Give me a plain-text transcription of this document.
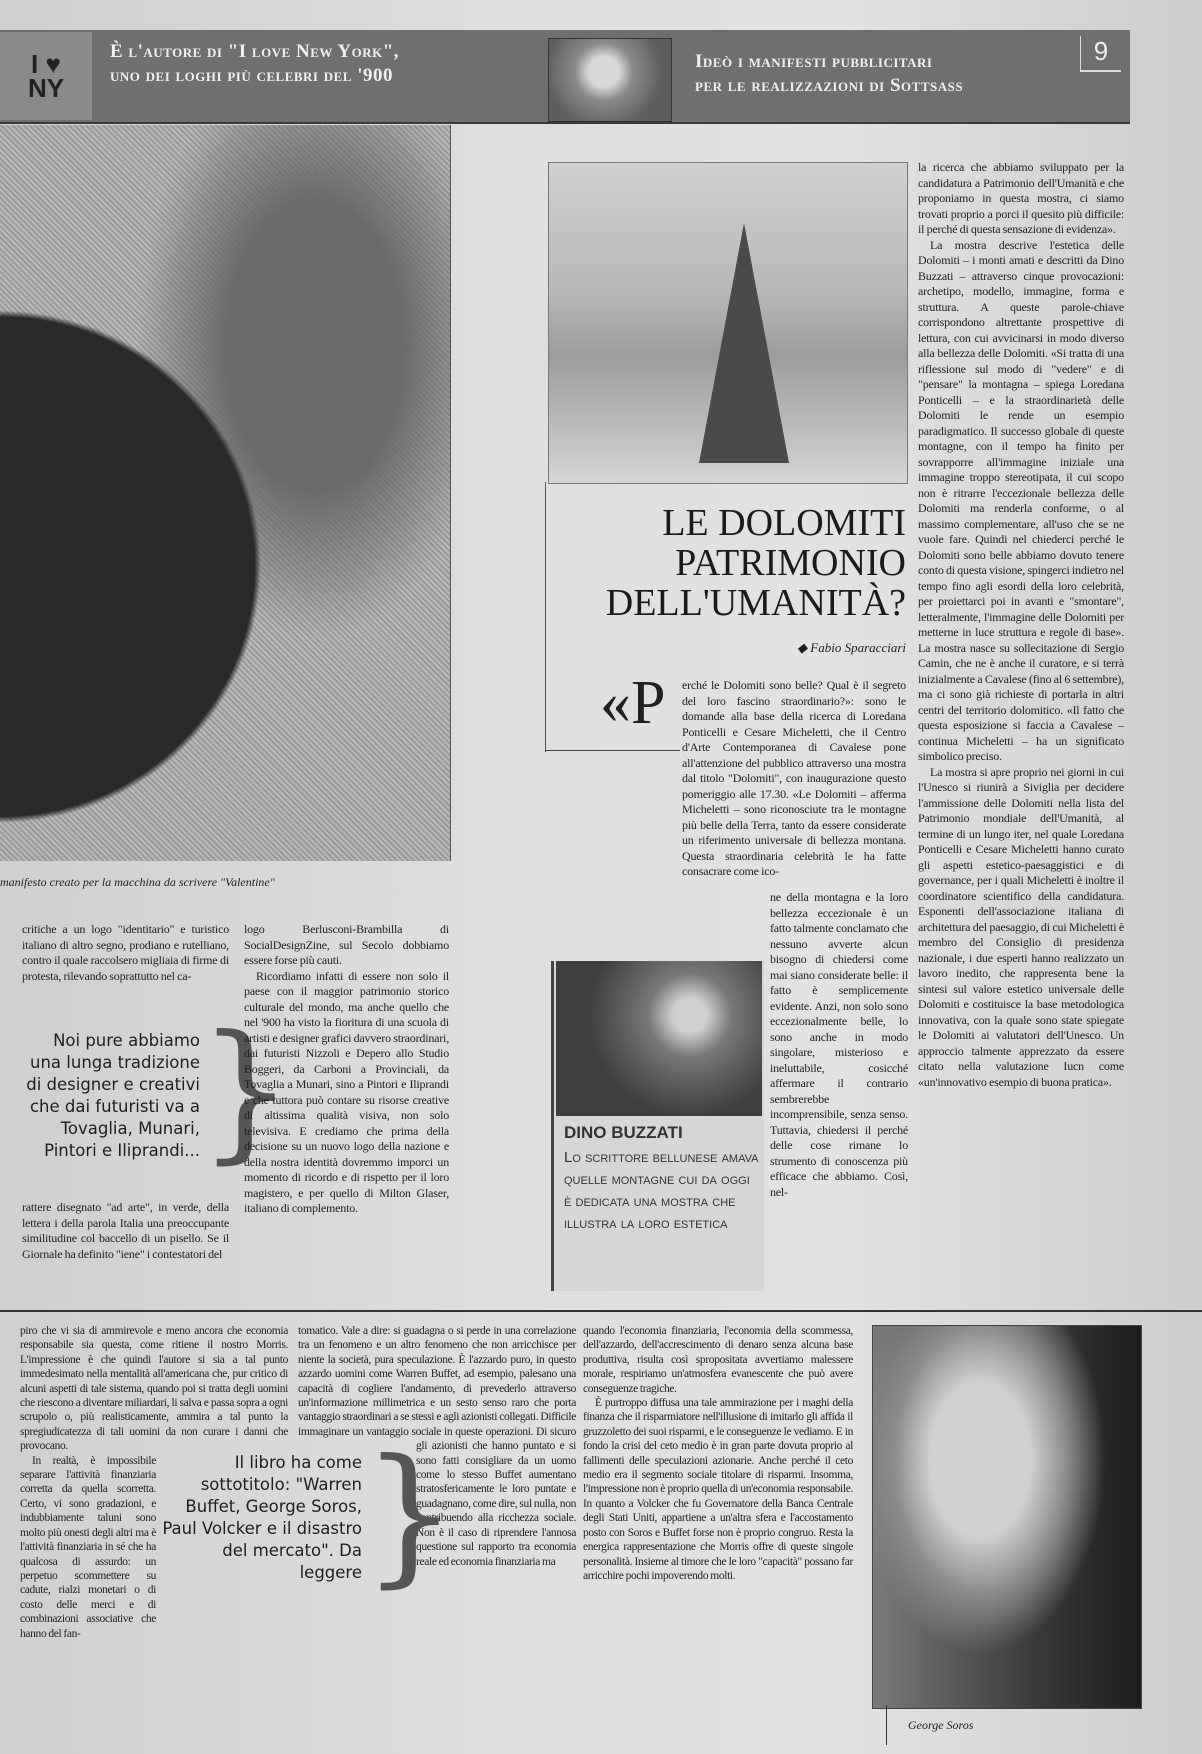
I ♥
NY
È l'autore di "I love New York",
uno dei loghi più celebri del '900
Ideò i manifesti pubblicitari
per le realizzazioni di Sottsass
9
manifesto creato per la macchina da scrivere "Valentine"
LE DOLOMITI
PATRIMONIO
DELL'UMANITÀ?
◆ Fabio Sparacciari
«P erché le Dolomiti sono belle? Qual è il segreto del loro fascino straordinario?»: sono le domande alla base della ricerca di Loredana Ponticelli e Cesare Micheletti, che il Centro d'Arte Contemporanea di Cavalese pone all'attenzione del pubblico attraverso una mostra dal titolo "Dolomiti", con inaugurazione questo pomeriggio alle 17.30. «Le Dolomiti – afferma Micheletti – sono riconosciute tra le montagne più belle della Terra, tanto da essere considerate un riferimento universale di bellezza montana. Questa straordinaria celebrità le ha fatte consacrare come ico-

ne della montagna e la loro bellezza eccezionale è un fatto talmente conclamato che nessuno avverte alcun bisogno di chiedersi come mai siano considerate belle: il fatto è semplicemente evidente. Anzi, non solo sono eccezionalmente belle, lo sono anche in modo singolare, misterioso e ineluttabile, cosicché affermare il contrario sembrerebbe incomprensibile, senza senso. Tuttavia, chiedersi il perché delle cose rimane lo strumento di conoscenza più efficace che abbiamo. Così, nel-

la ricerca che abbiamo sviluppato per la candidatura a Patrimonio dell'Umanità e che proponiamo in questa mostra, ci siamo trovati proprio a porci il quesito più difficile: il perché di questa sensazione di evidenza».

La mostra descrive l'estetica delle Dolomiti – i monti amati e descritti da Dino Buzzati – attraverso cinque provocazioni: archetipo, modello, immagine, forma e struttura. A queste parole-chiave corrispondono altrettante prospettive di lettura, con cui avvicinarsi in modo diverso alla bellezza delle Dolomiti. «Si tratta di una riflessione sul modo di "vedere" e di "pensare" la montagna – spiega Loredana Ponticelli – e la straordinarietà delle Dolomiti le rende un esempio paradigmatico. Il successo globale di queste montagne, con il tempo ha finito per sovrapporre all'immagine iniziale una immagine troppo stereotipata, il cui scopo non è ritrarre l'eccezionale bellezza delle Dolomiti ma renderla conforme, o al massimo complementare, all'uso che se ne vuole fare. Quindi nel chiederci perché le Dolomiti sono belle abbiamo dovuto tenere conto di questa visione, spingerci indietro nel tempo fino agli esordi della loro celebrità, per proiettarci poi in avanti e "smontare", letteralmente, l'immagine delle Dolomiti per metterne in luce struttura e regole di base». La mostra nasce su sollecitazione di Sergio Camin, che ne è anche il curatore, e si terrà inizialmente a Cavalese (fino al 6 settembre), ma ci sono già richieste di portarla in altri centri del territorio dolomitico. «Il fatto che questa esposizione si faccia a Cavalese – continua Micheletti – ha un significato simbolico preciso.

La mostra si apre proprio nei giorni in cui l'Unesco si riunirà a Siviglia per decidere l'ammissione delle Dolomiti nella lista del Patrimonio mondiale dell'Umanità, al termine di un lungo iter, nel quale Loredana Ponticelli e Cesare Micheletti hanno curato gli aspetti estetico-paesaggistici e di governance, per i quali Micheletti è inoltre il coordinatore scientifico della candidatura. Esponenti dell'associazione italiana di architettura del paesaggio, di cui Micheletti è membro del Consiglio di presidenza nazionale, i due esperti hanno realizzato un lavoro inedito, che rappresenta bene la sintesi sul valore estetico universale delle Dolomiti e costituisce la base metodologica innovativa, con la quale sono state spiegate le Dolomiti ai valutatori dell'Unesco. Un approccio talmente apprezzato da essere citato nella valutazione Iucn come «un'innovativo esempio di buona pratica».

DINO BUZZATI
Lo scrittore bellunese amava quelle montagne cui da oggi è dedicata una mostra che illustra la loro estetica

critiche a un logo "identitario" e turistico italiano di altro segno, prodiano e rutelliano, contro il quale raccolsero migliaia di firme di protesta, rilevando soprattutto nel ca-

Noi pure abbiamo una lunga tradizione di designer e creativi che dai futuristi va a Tovaglia, Munari, Pintori e Iliprandi...
}

rattere disegnato "ad arte", in verde, della lettera i della parola Italia una preoccupante similitudine col baccello di un pisello. Se il Giornale ha definito "iene" i contestatori del

logo Berlusconi-Brambilla di SocialDesignZine, sul Secolo dobbiamo essere forse più cauti.

Ricordiamo infatti di essere non solo il paese con il maggior patrimonio storico culturale del mondo, ma anche quello che nel '900 ha visto la fioritura di una scuola di artisti e designer grafici davvero straordinari, dai futuristi Nizzoli e Depero allo Studio Boggeri, da Carboni a Provinciali, da Tovaglia a Munari, sino a Pintori e Iliprandi e che tuttora può contare su risorse creative di altissima qualità visiva, non solo televisiva. E crediamo che prima della decisione su un nuovo logo della nazione e della nostra identità dovremmo imporci un momento di ricordo e di rispetto per il loro magistero, e per quello di Milton Glaser, italiano di complemento.

piro che vi sia di ammirevole e meno ancora che economia responsabile sia questa, come ritiene il nostro Morris. L'impressione è che quindi l'autore si sia a tal punto immedesimato nella mentalità all'americana che, pur critico di alcuni aspetti di tale sistema, quando poi si tratta degli uomini che riescono a diventare miliardari, li salva e passa sopra a ogni scrupolo o, più realisticamente, ammira a tal punto la spregiudicatezza di tali uomini da non curare i danni che provocano.

In realtà, è impossibile separare l'attività finanziaria corretta da quella scorretta. Certo, vi sono gradazioni, e indubbiamente taluni sono molto più onesti degli altri ma è l'attività finanziaria in sé che ha qualcosa di assurdo: un perpetuo scommettere su cadute, rialzi monetari o di costo delle merci e di combinazioni associative che hanno del fan-

tomatico. Vale a dire: si guadagna o si perde in una correlazione tra un fenomeno e un altro fenomeno che non arricchisce per niente la società, pura speculazione. È l'azzardo puro, in questo azzardo uomini come Warren Buffet, ad esempio, palesano una capacità di cogliere l'andamento, di prevederlo attraverso un'informazione millimetrica e un sesto senso raro che porta vantaggio straordinari a se stessi e agli azionisti collegati. Difficile immaginare un vantaggio sociale in queste operazioni. Di sicuro gli azionisti che hanno puntato e si sono fatti consigliare da un uomo come lo stesso Buffet aumentano stratosfericamente le loro puntate e guadagnano, come dire, sul nulla, non contribuendo alla ricchezza sociale. Non è il caso di riprendere l'annosa questione sul rapporto tra economia reale ed economia finanziaria ma

Il libro ha come sottotitolo: "Warren Buffet, George Soros, Paul Volcker e il disastro del mercato". Da leggere }

quando l'economia finanziaria, l'economia della scommessa, dell'azzardo, dell'accrescimento di denaro senza alcuna base produttiva, risulta così spropositata avvertiamo malessere morale, respiriamo un'atmosfera evanescente che può avere conseguenze tragiche.

È purtroppo diffusa una tale ammirazione per i maghi della finanza che il risparmiatore nell'illusione di imitarlo gli affida il gruzzoletto dei suoi risparmi, e le conseguenze le vediamo. E in fondo la crisi del ceto medio è in gran parte dovuta proprio al fallimenti delle speculazioni azionarie. Anche perché il ceto medio era il segmento sociale titolare di risparmi. Insomma, l'impressione non è proprio quella di un'economia responsabile. In quanto a Volcker che fu Governatore della Banca Centrale degli Stati Uniti, appartiene a un'altra sfera e l'accostamento posto con Soros e Buffet forse non è proprio congruo. Resta la energica rappresentazione che Morris offre di queste singole personalità. Insieme al timore che le loro "capacità" possano far arricchire pochi impoverendo molti.

George Soros
